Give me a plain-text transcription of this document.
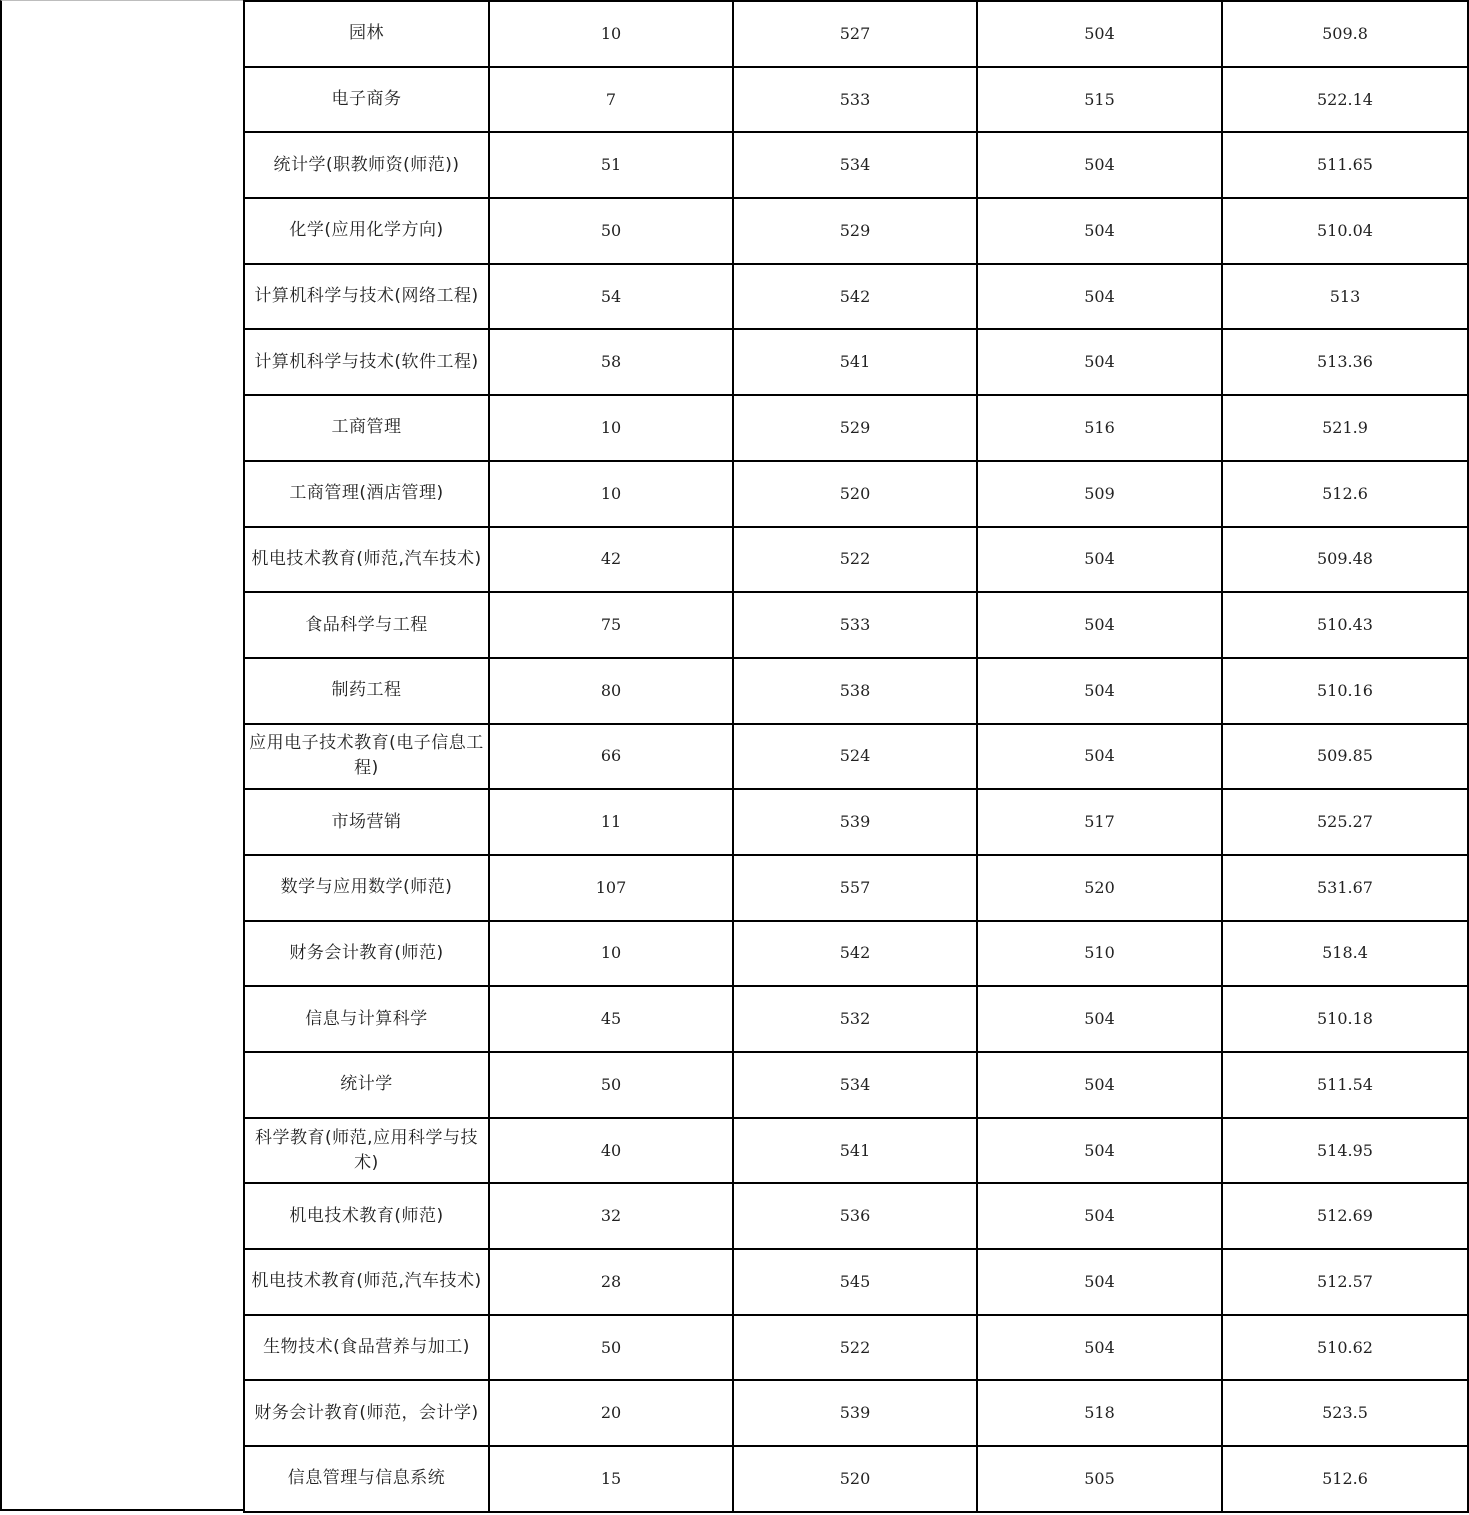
园林	10	527	504	509.8
电子商务	7	533	515	522.14
统计学(职教师资(师范))	51	534	504	511.65
化学(应用化学方向)	50	529	504	510.04
计算机科学与技术(网络工程)	54	542	504	513
计算机科学与技术(软件工程)	58	541	504	513.36
工商管理	10	529	516	521.9
工商管理(酒店管理)	10	520	509	512.6
机电技术教育(师范,汽车技术)	42	522	504	509.48
食品科学与工程	75	533	504	510.43
制药工程	80	538	504	510.16
应用电子技术教育(电子信息工程)	66	524	504	509.85
市场营销	11	539	517	525.27
数学与应用数学(师范)	107	557	520	531.67
财务会计教育(师范)	10	542	510	518.4
信息与计算科学	45	532	504	510.18
统计学	50	534	504	511.54
科学教育(师范,应用科学与技术)	40	541	504	514.95
机电技术教育(师范)	32	536	504	512.69
机电技术教育(师范,汽车技术)	28	545	504	512.57
生物技术(食品营养与加工)	50	522	504	510.62
财务会计教育(师范，会计学)	20	539	518	523.5
信息管理与信息系统	15	520	505	512.6
